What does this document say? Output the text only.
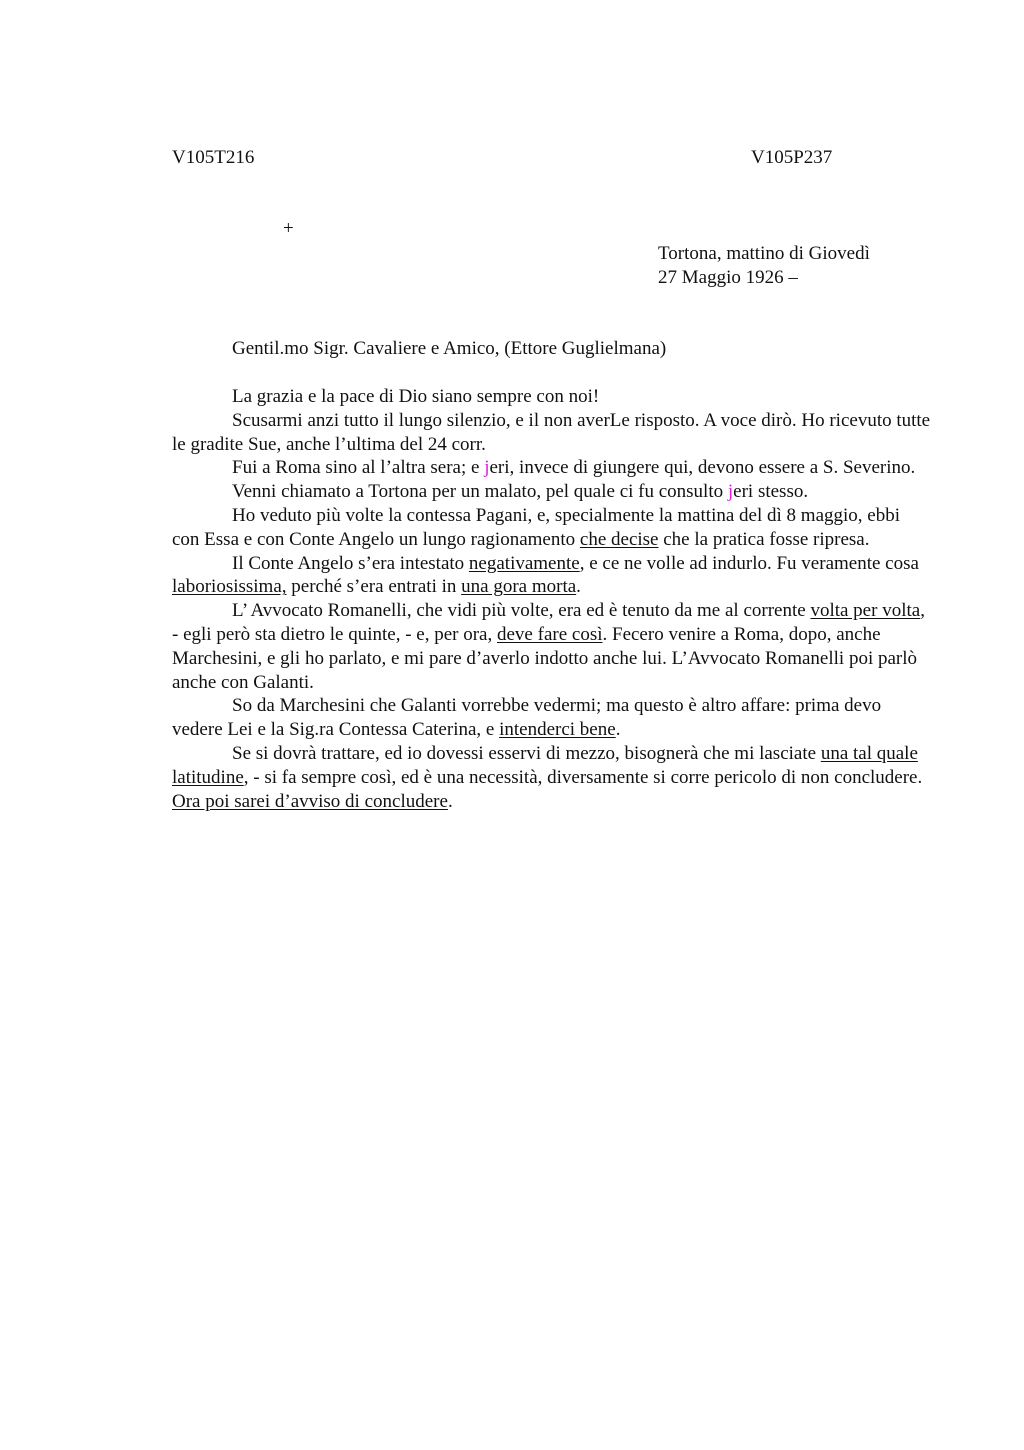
V105T216	V105P237
+
Tortona, mattino di Giovedì
27 Maggio 1926 –
Gentil.mo Sigr. Cavaliere e Amico, (Ettore Guglielmana)

La grazia e la pace di Dio siano sempre con noi!

Scusarmi anzi tutto il lungo silenzio, e il non averLe risposto. A voce dirò. Ho ricevuto tutte le gradite Sue, anche l’ultima del 24 corr.

Fui a Roma sino al l’altra sera; e jeri, invece di giungere qui, devono essere a S. Severino.

Venni chiamato a Tortona per un malato, pel quale ci fu consulto jeri stesso.

Ho veduto più volte la contessa Pagani, e, specialmente la mattina del dì 8 maggio, ebbi con Essa e con Conte Angelo un lungo ragionamento che decise che la pratica fosse ripresa.

Il Conte Angelo s’era intestato negativamente, e ce ne volle ad indurlo. Fu veramente cosa laboriosissima, perché s’era entrati in una gora morta.

L’ Avvocato Romanelli, che vidi più volte, era ed è tenuto da me al corrente volta per volta, - egli però sta dietro le quinte, - e, per ora, deve fare così. Fecero venire a Roma, dopo, anche Marchesini, e gli ho parlato, e mi pare d’averlo indotto anche lui. L’Avvocato Romanelli poi parlò anche con Galanti.

So da Marchesini che Galanti vorrebbe vedermi; ma questo è altro affare: prima devo vedere Lei e la Sig.ra Contessa Caterina, e intenderci bene.

Se si dovrà trattare, ed io dovessi esservi di mezzo, bisognerà che mi lasciate una tal quale latitudine, - si fa sempre così, ed è una necessità, diversamente si corre pericolo di non concludere. Ora poi sarei d’avviso di concludere.
